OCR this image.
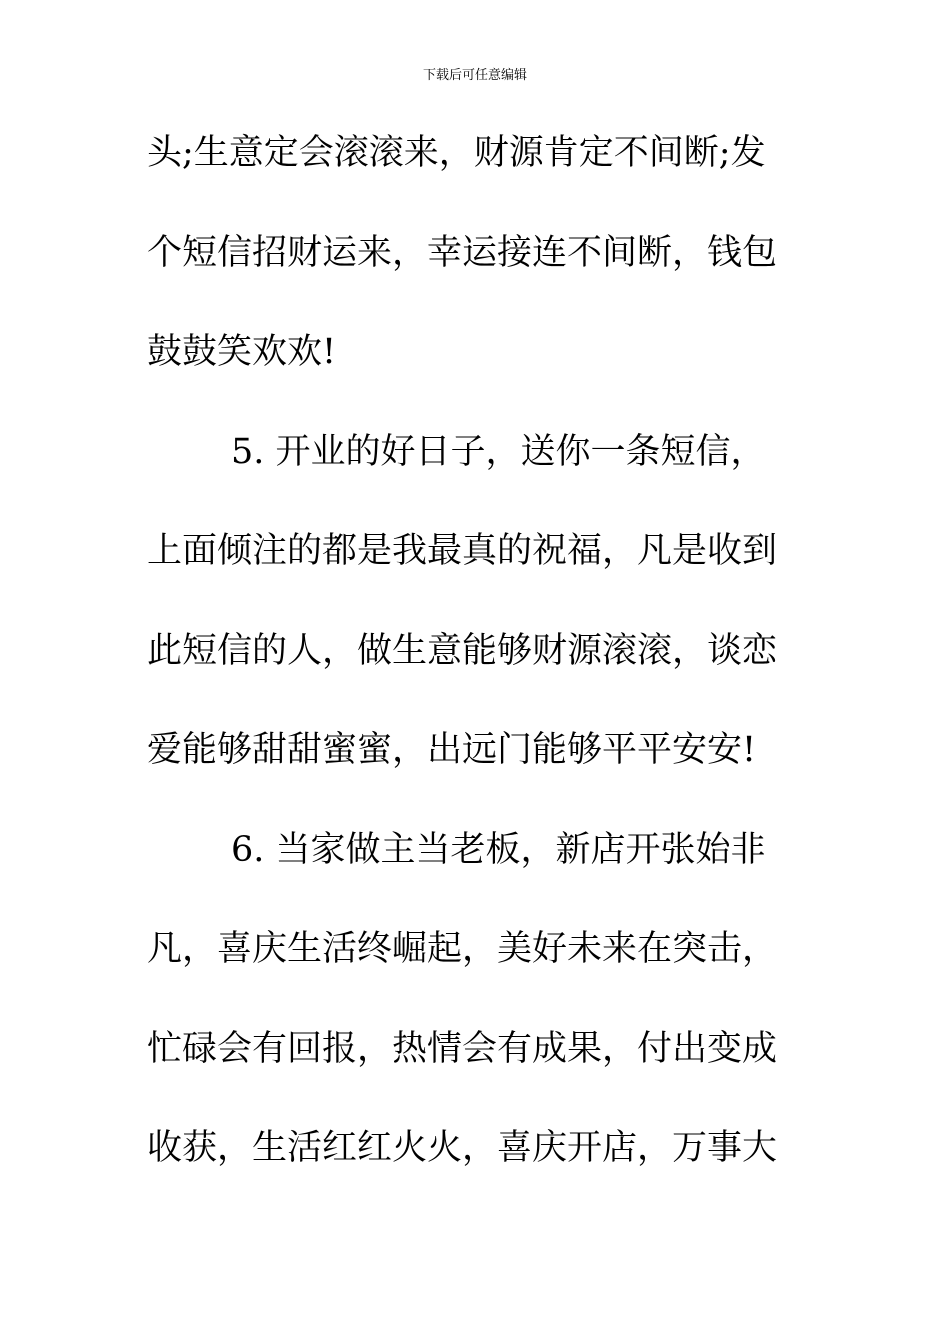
下载后可任意编辑
头;生意定会滚滚来，财源肯定不间断;发
个短信招财运来，幸运接连不间断，钱包
鼓鼓笑欢欢!
5. 开业的好日子，送你一条短信，
上面倾注的都是我最真的祝福，凡是收到
此短信的人，做生意能够财源滚滚，谈恋
爱能够甜甜蜜蜜，出远门能够平平安安!
6. 当家做主当老板，新店开张始非
凡，喜庆生活终崛起，美好未来在突击，
忙碌会有回报，热情会有成果，付出变成
收获，生活红红火火，喜庆开店，万事大
